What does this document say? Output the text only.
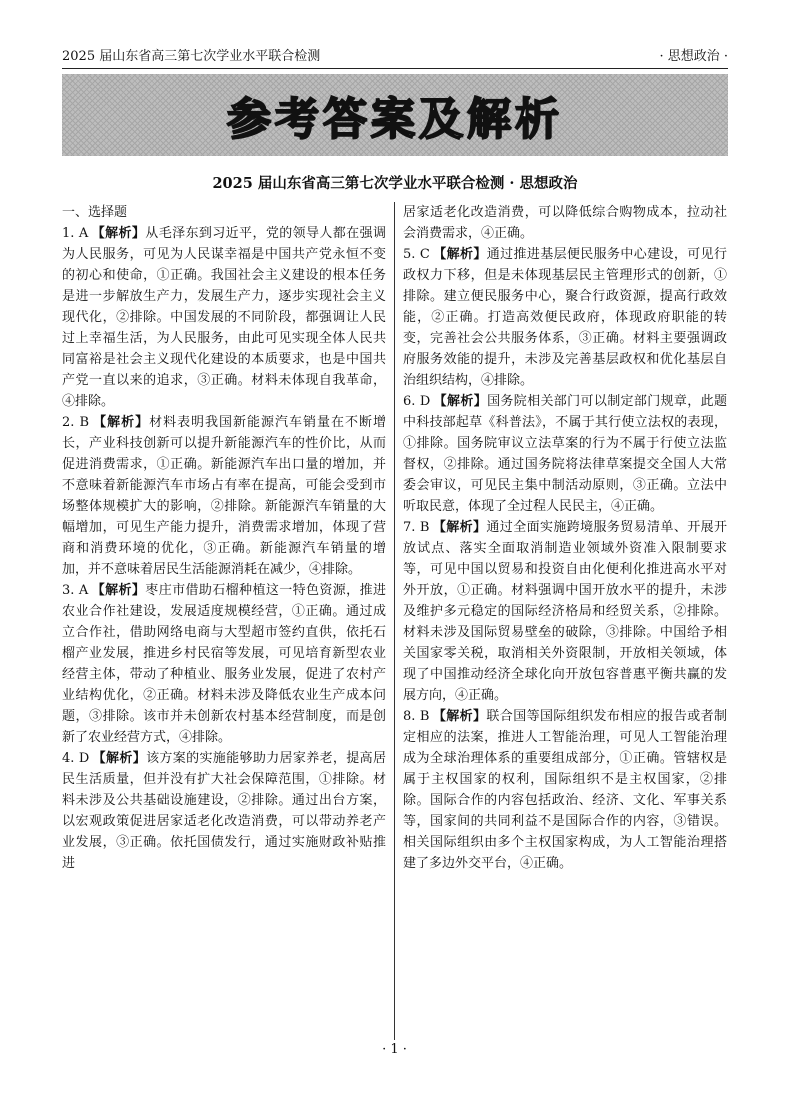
2025 届山东省高三第七次学业水平联合检测	· 思想政治 ·
参考答案及解析
2025 届山东省高三第七次学业水平联合检测 · 思想政治
一、选择题
1. A 【解析】从毛泽东到习近平，党的领导人都在强调为人民服务，可见为人民谋幸福是中国共产党永恒不变的初心和使命，①正确。我国社会主义建设的根本任务是进一步解放生产力，发展生产力，逐步实现社会主义现代化，②排除。中国发展的不同阶段，都强调让人民过上幸福生活，为人民服务，由此可见实现全体人民共同富裕是社会主义现代化建设的本质要求，也是中国共产党一直以来的追求，③正确。材料未体现自我革命，④排除。
2. B 【解析】材料表明我国新能源汽车销量在不断增长，产业科技创新可以提升新能源汽车的性价比，从而促进消费需求，①正确。新能源汽车出口量的增加，并不意味着新能源汽车市场占有率在提高，可能会受到市场整体规模扩大的影响，②排除。新能源汽车销量的大幅增加，可见生产能力提升，消费需求增加，体现了营商和消费环境的优化，③正确。新能源汽车销量的增加，并不意味着居民生活能源消耗在减少，④排除。
3. A 【解析】枣庄市借助石榴种植这一特色资源，推进农业合作社建设，发展适度规模经营，①正确。通过成立合作社，借助网络电商与大型超市签约直供，依托石榴产业发展，推进乡村民宿等发展，可见培育新型农业经营主体，带动了种植业、服务业发展，促进了农村产业结构优化，②正确。材料未涉及降低农业生产成本问题，③排除。该市并未创新农村基本经营制度，而是创新了农业经营方式，④排除。
4. D 【解析】该方案的实施能够助力居家养老，提高居民生活质量，但并没有扩大社会保障范围，①排除。材料未涉及公共基础设施建设，②排除。通过出台方案，以宏观政策促进居家适老化改造消费，可以带动养老产业发展，③正确。依托国债发行，通过实施财政补贴推进
居家适老化改造消费，可以降低综合购物成本，拉动社会消费需求，④正确。
5. C 【解析】通过推进基层便民服务中心建设，可见行政权力下移，但是未体现基层民主管理形式的创新，①排除。建立便民服务中心，聚合行政资源，提高行政效能，②正确。打造高效便民政府，体现政府职能的转变，完善社会公共服务体系，③正确。材料主要强调政府服务效能的提升，未涉及完善基层政权和优化基层自治组织结构，④排除。
6. D 【解析】国务院相关部门可以制定部门规章，此题中科技部起草《科普法》，不属于其行使立法权的表现，①排除。国务院审议立法草案的行为不属于行使立法监督权，②排除。通过国务院将法律草案提交全国人大常委会审议，可见民主集中制活动原则，③正确。立法中听取民意，体现了全过程人民民主，④正确。
7. B 【解析】通过全面实施跨境服务贸易清单、开展开放试点、落实全面取消制造业领域外资准入限制要求等，可见中国以贸易和投资自由化便利化推进高水平对外开放，①正确。材料强调中国开放水平的提升，未涉及维护多元稳定的国际经济格局和经贸关系，②排除。材料未涉及国际贸易壁垒的破除，③排除。中国给予相关国家零关税，取消相关外资限制，开放相关领域，体现了中国推动经济全球化向开放包容普惠平衡共赢的发展方向，④正确。
8. B 【解析】联合国等国际组织发布相应的报告或者制定相应的法案，推进人工智能治理，可见人工智能治理成为全球治理体系的重要组成部分，①正确。管辖权是属于主权国家的权利，国际组织不是主权国家，②排除。国际合作的内容包括政治、经济、文化、军事关系等，国家间的共同利益不是国际合作的内容，③错误。相关国际组织由多个主权国家构成，为人工智能治理搭建了多边外交平台，④正确。
· 1 ·
